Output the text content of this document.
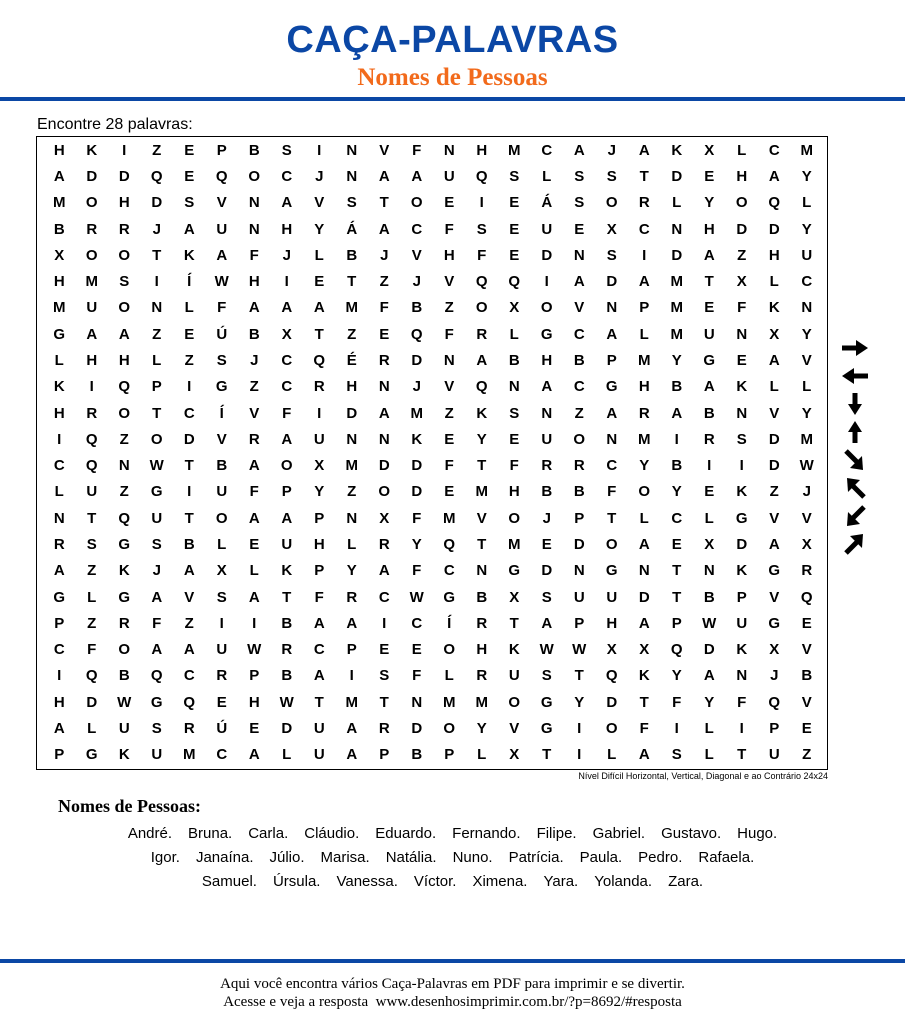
CAÇA-PALAVRAS
Nomes de Pessoas
Encontre 28 palavras:
H	K	I	Z	E	P	B	S	I	N	V	F	N	H	M	C	A	J	A	K	X	L	C	M
A	D	D	Q	E	Q	O	C	J	N	A	A	U	Q	S	L	S	S	T	D	E	H	A	Y
M	O	H	D	S	V	N	A	V	S	T	O	E	I	E	Á	S	O	R	L	Y	O	Q	L
B	R	R	J	A	U	N	H	Y	Á	A	C	F	S	E	U	E	X	C	N	H	D	D	Y
X	O	O	T	K	A	F	J	L	B	J	V	H	F	E	D	N	S	I	D	A	Z	H	U
H	M	S	I	Í	W	H	I	E	T	Z	J	V	Q	Q	I	A	D	A	M	T	X	L	C
M	U	O	N	L	F	A	A	A	M	F	B	Z	O	X	O	V	N	P	M	E	F	K	N
G	A	A	Z	E	Ú	B	X	T	Z	E	Q	F	R	L	G	C	A	L	M	U	N	X	Y
L	H	H	L	Z	S	J	C	Q	É	R	D	N	A	B	H	B	P	M	Y	G	E	A	V
K	I	Q	P	I	G	Z	C	R	H	N	J	V	Q	N	A	C	G	H	B	A	K	L	L
H	R	O	T	C	Í	V	F	I	D	A	M	Z	K	S	N	Z	A	R	A	B	N	V	Y
I	Q	Z	O	D	V	R	A	U	N	N	K	E	Y	E	U	O	N	M	I	R	S	D	M
C	Q	N	W	T	B	A	O	X	M	D	D	F	T	F	R	R	C	Y	B	I	I	D	W
L	U	Z	G	I	U	F	P	Y	Z	O	D	E	M	H	B	B	F	O	Y	E	K	Z	J
N	T	Q	U	T	O	A	A	P	N	X	F	M	V	O	J	P	T	L	C	L	G	V	V
R	S	G	S	B	L	E	U	H	L	R	Y	Q	T	M	E	D	O	A	E	X	D	A	X
A	Z	K	J	A	X	L	K	P	Y	A	F	C	N	G	D	N	G	N	T	N	K	G	R
G	L	G	A	V	S	A	T	F	R	C	W	G	B	X	S	U	U	D	T	B	P	V	Q
P	Z	R	F	Z	I	I	B	A	A	I	C	Í	R	T	A	P	H	A	P	W	U	G	E
C	F	O	A	A	U	W	R	C	P	E	E	O	H	K	W	W	X	X	Q	D	K	X	V
I	Q	B	Q	C	R	P	B	A	I	S	F	L	R	U	S	T	Q	K	Y	A	N	J	B
H	D	W	G	Q	E	H	W	T	M	T	N	M	M	O	G	Y	D	T	F	Y	F	Q	V
A	L	U	S	R	Ú	E	D	U	A	R	D	O	Y	V	G	I	O	F	I	L	I	P	E
P	G	K	U	M	C	A	L	U	A	P	B	P	L	X	T	I	L	A	S	L	T	U	Z
Nível Difícil Horizontal, Vertical, Diagonal e ao Contrário 24x24
Nomes de Pessoas:
André. Bruna. Carla. Cláudio. Eduardo. Fernando. Filipe. Gabriel. Gustavo. Hugo.
Igor. Janaína. Júlio. Marisa. Natália. Nuno. Patrícia. Paula. Pedro. Rafaela.
Samuel. Úrsula. Vanessa. Víctor. Ximena. Yara. Yolanda. Zara.
Aqui você encontra vários Caça-Palavras em PDF para imprimir e se divertir.
Acesse e veja a resposta  www.desenhosimprimir.com.br/?p=8692/#resposta
